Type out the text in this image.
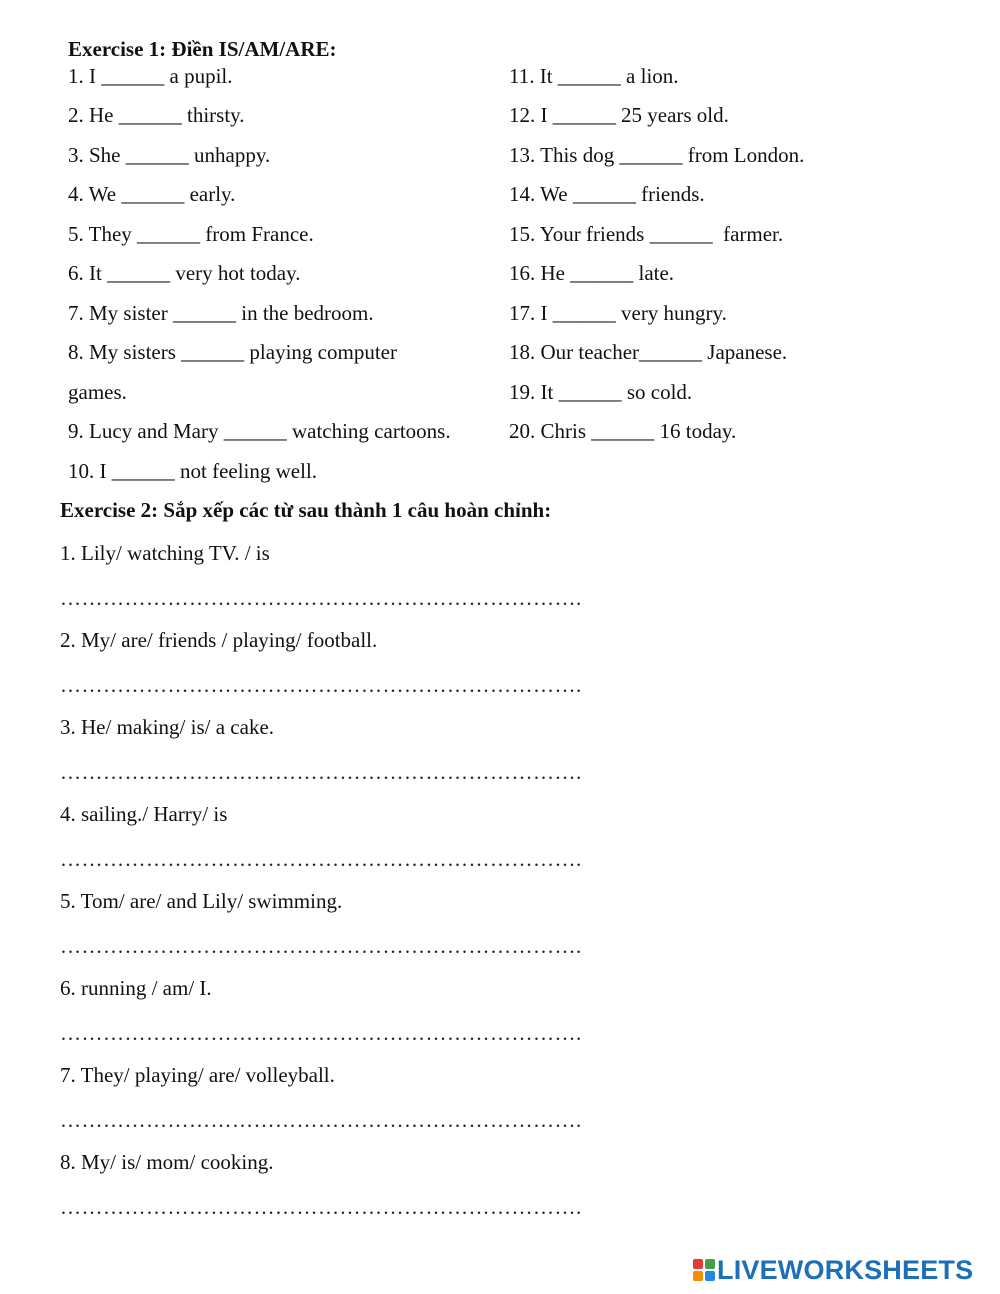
Exercise 1: Điền IS/AM/ARE:
1. I ______ a pupil.
2. He ______ thirsty.
3. She ______ unhappy.
4. We ______ early.
5. They ______ from France.
6. It ______ very hot today.
7. My sister ______ in the bedroom.
8. My sisters ______ playing computer
games.
9. Lucy and Mary ______ watching cartoons.
10. I ______ not feeling well.
11. It ______ a lion.
12. I ______ 25 years old.
13. This dog ______ from London.
14. We ______ friends.
15. Your friends ______  farmer.
16. He ______ late.
17. I ______ very hungry.
18. Our teacher______ Japanese.
19. It ______ so cold.
20. Chris ______ 16 today.
Exercise 2: Sắp xếp các từ sau thành 1 câu hoàn chỉnh:
1. Lily/ watching TV. / is
……………………………………………………………….
2. My/ are/ friends / playing/ football.
……………………………………………………………….
3. He/ making/ is/ a cake.
……………………………………………………………….
4. sailing./ Harry/ is
……………………………………………………………….
5. Tom/ are/ and Lily/ swimming.
……………………………………………………………….
6. running / am/ I.
……………………………………………………………….
7. They/ playing/ are/ volleyball.
……………………………………………………………….
8. My/ is/ mom/ cooking.
……………………………………………………………….
LIVEWORKSHEETS
